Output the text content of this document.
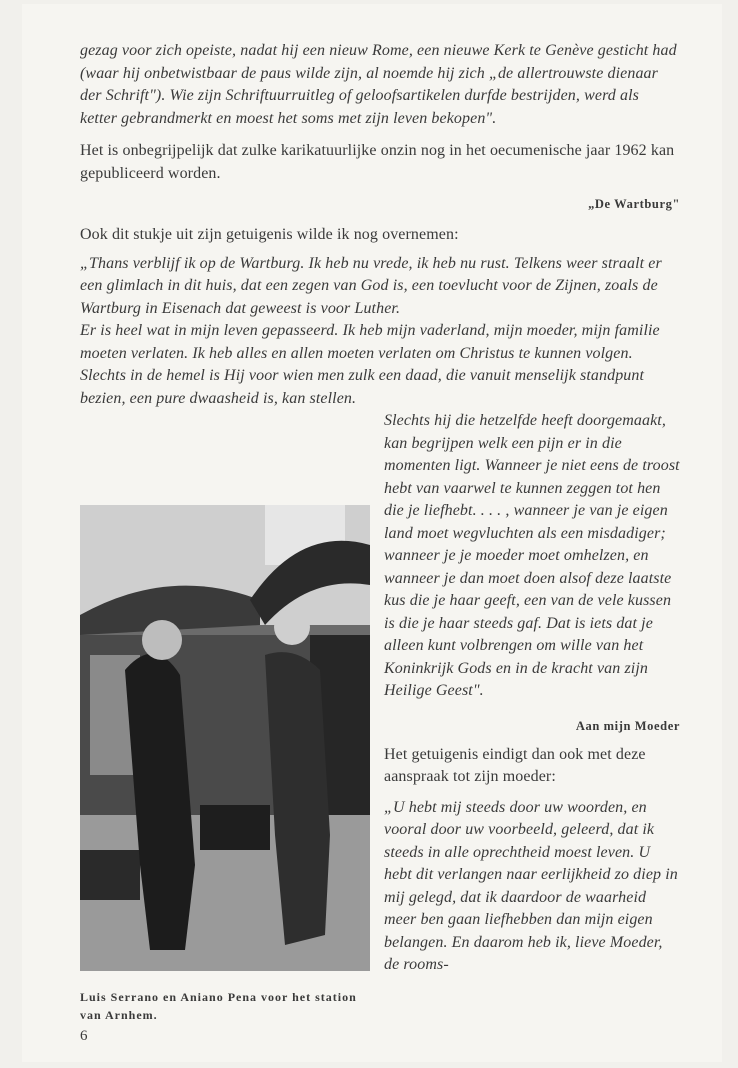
gezag voor zich opeiste, nadat hij een nieuw Rome, een nieuwe Kerk te Genève gesticht had (waar hij onbetwistbaar de paus wilde zijn, al noemde hij zich „de allertrouwste dienaar der Schrift"). Wie zijn Schriftuurruitleg of geloofsartikelen durfde bestrijden, werd als ketter gebrandmerkt en moest het soms met zijn leven bekopen".

Het is onbegrijpelijk dat zulke karikatuurlijke onzin nog in het oecumenische jaar 1962 kan gepubliceerd worden.

„De Wartburg"

Ook dit stukje uit zijn getuigenis wilde ik nog overnemen:

„Thans verblijf ik op de Wartburg. Ik heb nu vrede, ik heb nu rust. Telkens weer straalt er een glimlach in dit huis, dat een zegen van God is, een toevlucht voor de Zijnen, zoals de Wartburg in Eisenach dat geweest is voor Luther.

Er is heel wat in mijn leven gepasseerd. Ik heb mijn vaderland, mijn moeder, mijn familie moeten verlaten. Ik heb alles en allen moeten verlaten om Christus te kunnen volgen. Slechts in de hemel is Hij voor wien men zulk een daad, die vanuit menselijk standpunt bezien, een pure dwaasheid is, kan stellen.

Luis Serrano en Aniano Pena voor het station van Arnhem.

6

Slechts hij die hetzelfde heeft doorgemaakt, kan begrijpen welk een pijn er in die momenten ligt. Wanneer je niet eens de troost hebt van vaarwel te kunnen zeggen tot hen die je liefhebt. . . . , wanneer je van je eigen land moet wegvluchten als een misdadiger; wanneer je je moeder moet omhelzen, en wanneer je dan moet doen alsof deze laatste kus die je haar geeft, een van de vele kussen is die je haar steeds gaf. Dat is iets dat je alleen kunt volbrengen om wille van het Koninkrijk Gods en in de kracht van zijn Heilige Geest".

Aan mijn Moeder

Het getuigenis eindigt dan ook met deze aanspraak tot zijn moeder:

„U hebt mij steeds door uw woorden, en vooral door uw voorbeeld, geleerd, dat ik steeds in alle oprechtheid moest leven. U hebt dit verlangen naar eerlijkheid zo diep in mij gelegd, dat ik daardoor de waarheid meer ben gaan liefhebben dan mijn eigen belangen. En daarom heb ik, lieve Moeder, de rooms-
